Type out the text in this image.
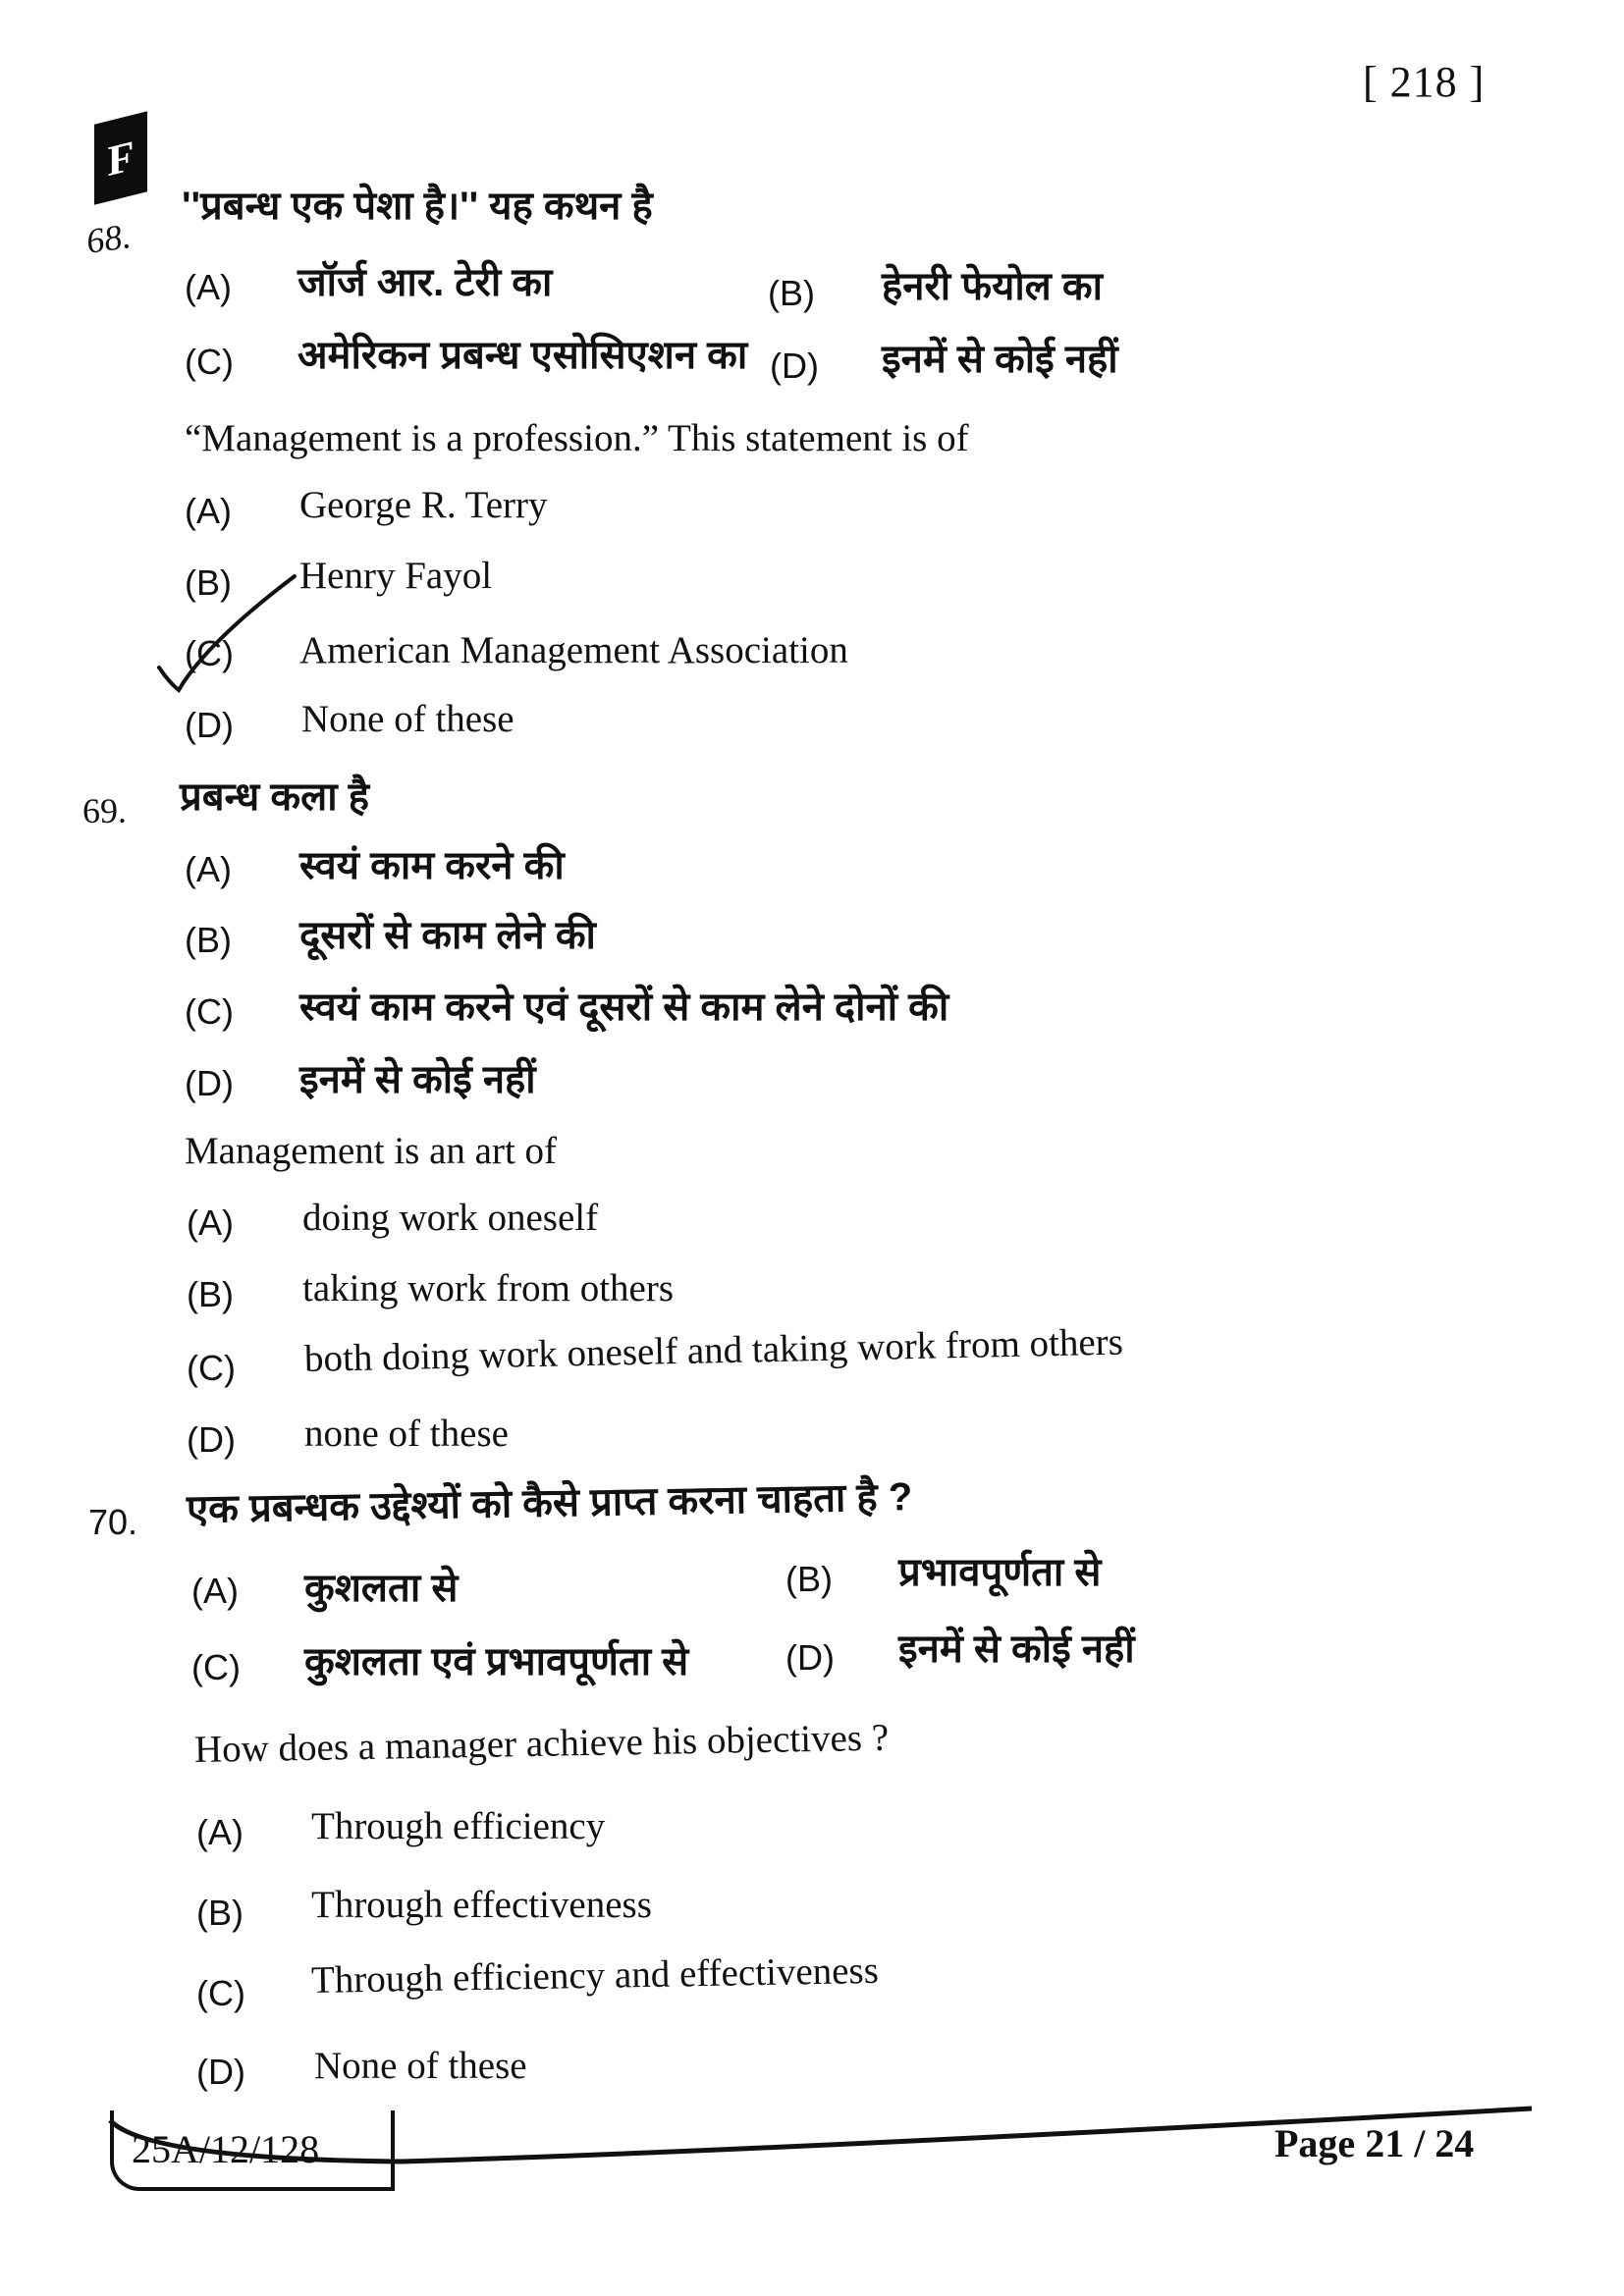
[ 218 ]
F
68.
''प्रबन्ध एक पेशा है।'' यह कथन है
(A) जॉर्ज आर. टेरी का	(B) हेनरी फेयोल का
(C) अमेरिकन प्रबन्ध एसोसिएशन का (D) इनमें से कोई नहीं
“Management is a profession.” This statement is of
(A) George R. Terry
(B) Henry Fayol
(C) American Management Association
(D) None of these
69. प्रबन्ध कला है
(A) स्वयं काम करने की
(B) दूसरों से काम लेने की
(C) स्वयं काम करने एवं दूसरों से काम लेने दोनों की
(D) इनमें से कोई नहीं
Management is an art of
(A) doing work oneself
(B) taking work from others
(C) both doing work oneself and taking work from others
(D) none of these
70. एक प्रबन्धक उद्देश्यों को कैसे प्राप्त करना चाहता है ?
(A) कुशलता से	(B) प्रभावपूर्णता से
(C) कुशलता एवं प्रभावपूर्णता से	(D) इनमें से कोई नहीं
How does a manager achieve his objectives ?
(A) Through efficiency
(B) Through effectiveness
(C) Through efficiency and effectiveness
(D) None of these
25A/12/128	Page 21 / 24
